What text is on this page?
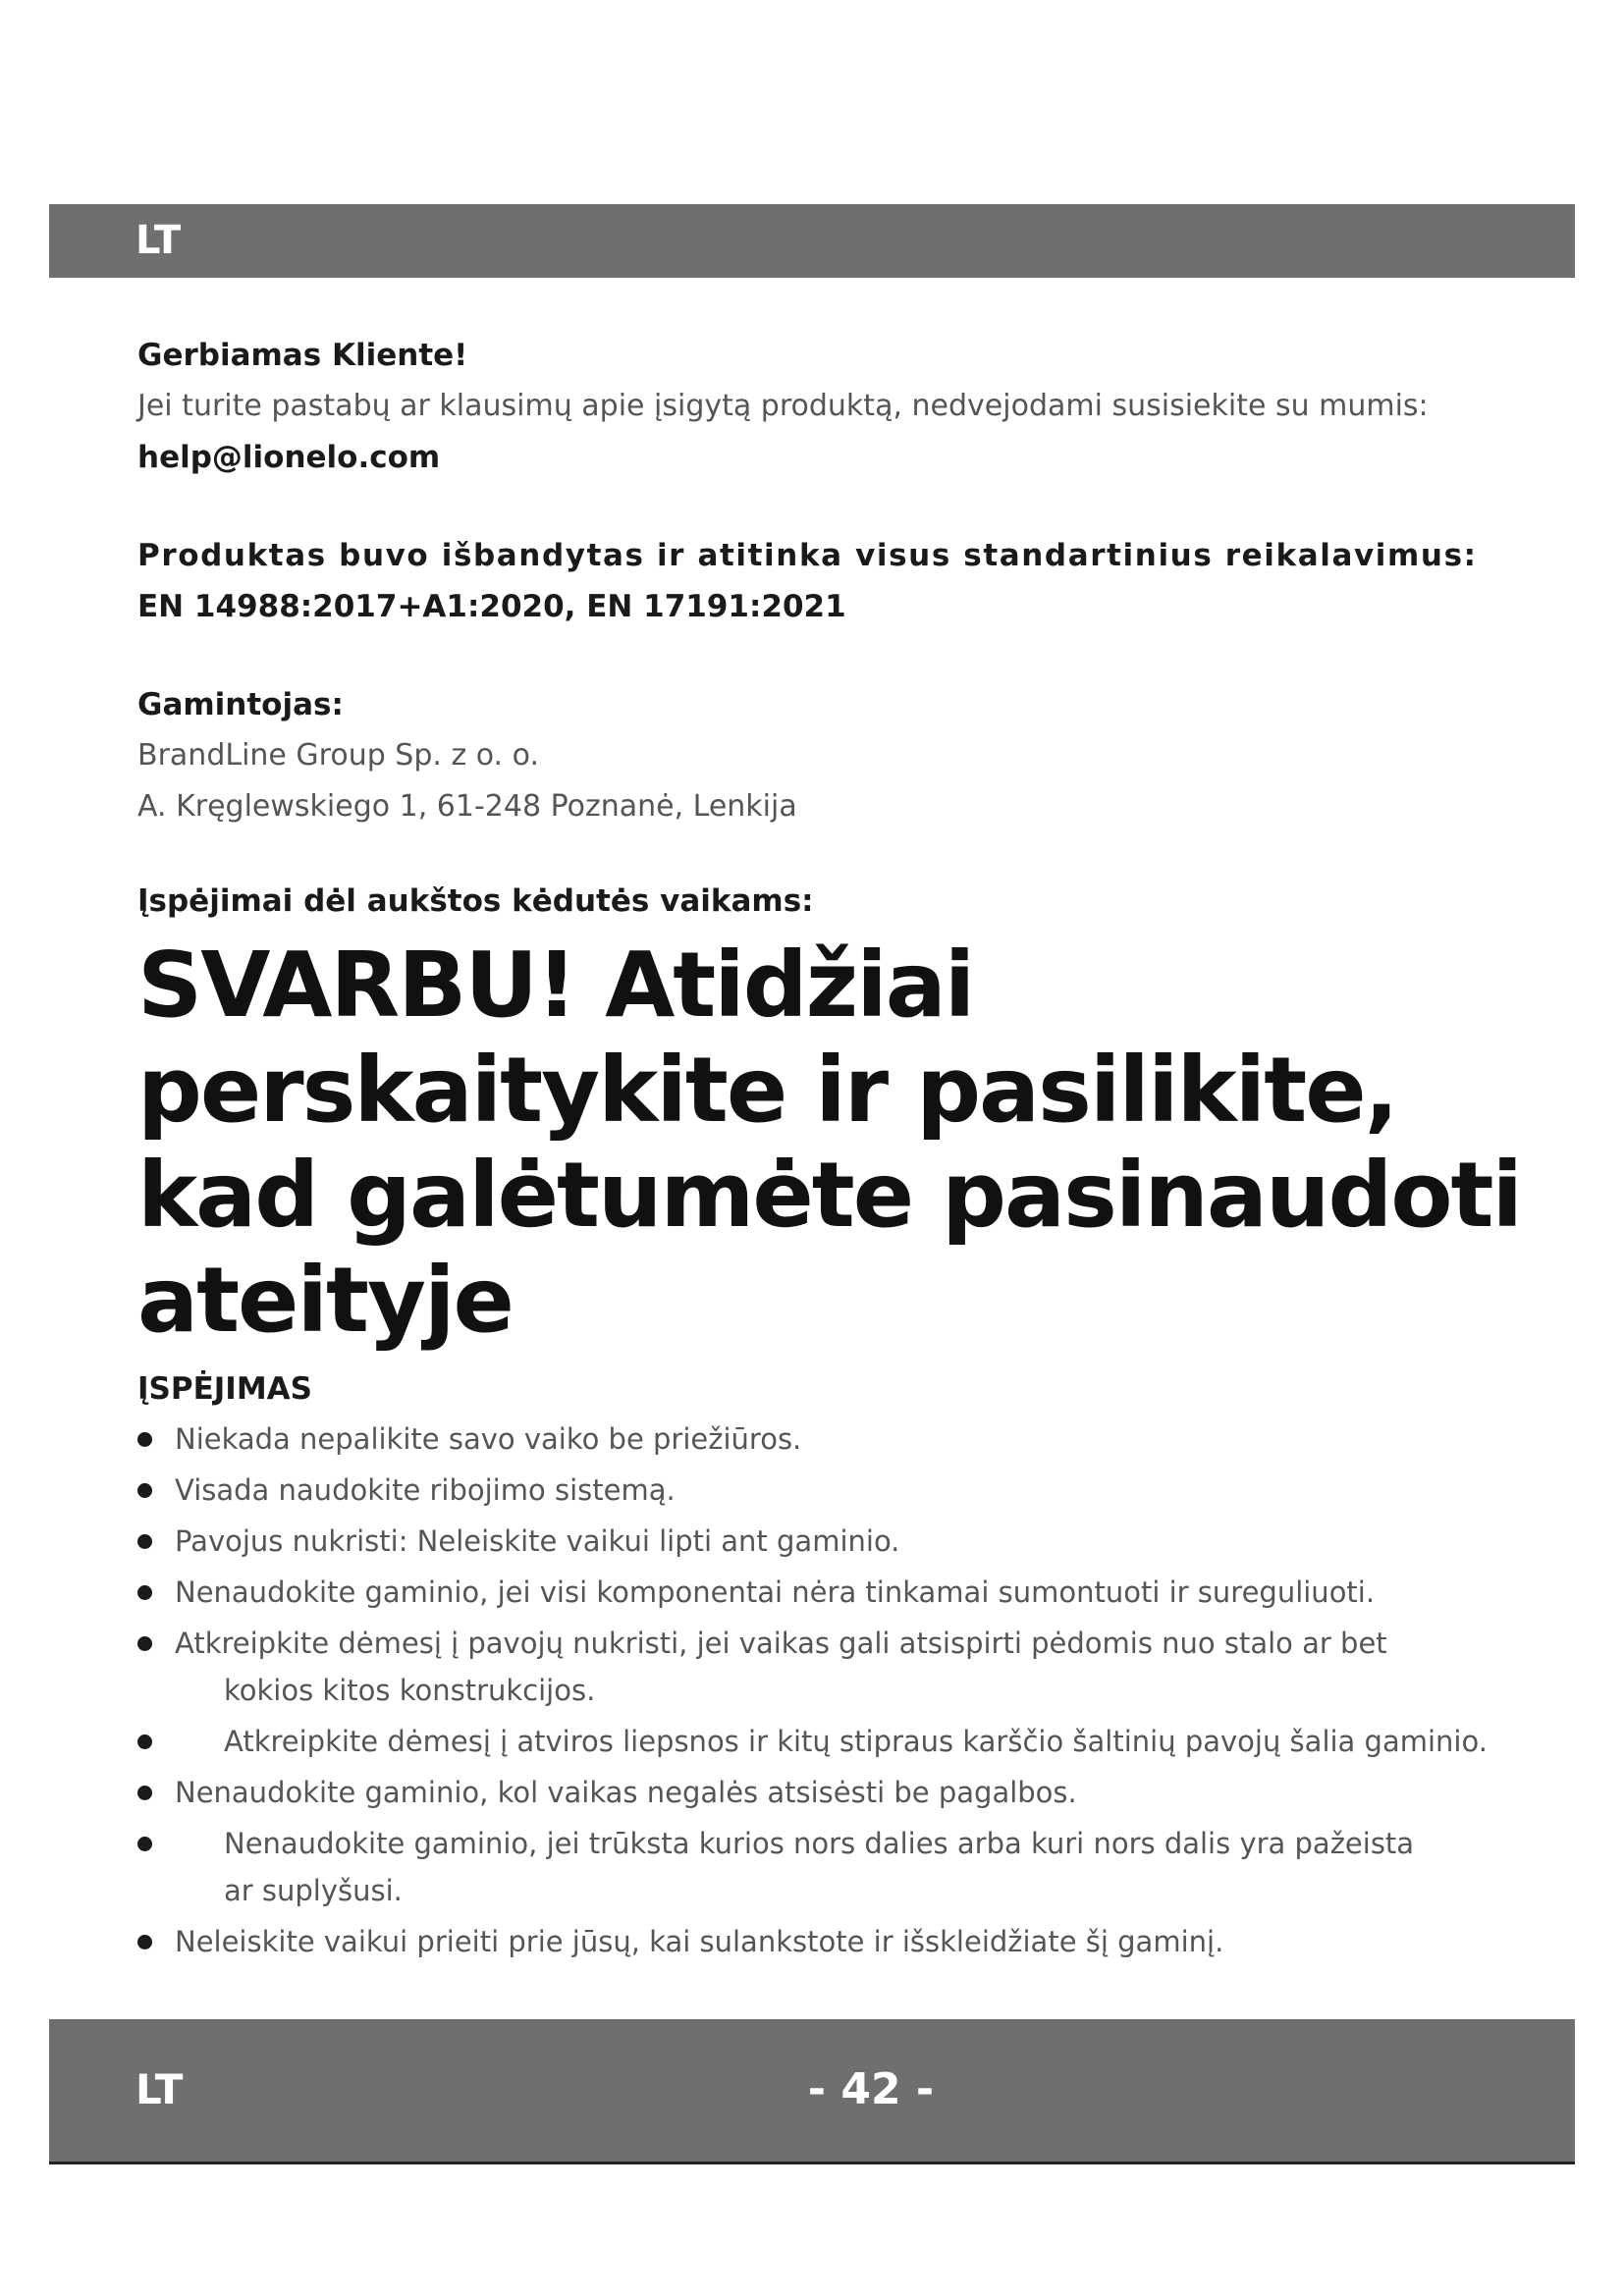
LT
Gerbiamas Kliente!
Jei turite pastabų ar klausimų apie įsigytą produktą, nedvejodami susisiekite su mumis:
help@lionelo.com
Produktas buvo išbandytas ir atitinka visus standartinius reikalavimus:
EN 14988:2017+A1:2020, EN 17191:2021
Gamintojas:
BrandLine Group Sp. z o. o.
A. Kręglewskiego 1, 61-248 Poznanė, Lenkija
Įspėjimai dėl aukštos kėdutės vaikams:
SVARBU! Atidžiai
perskaitykite ir pasilikite,
kad galėtumėte pasinaudoti
ateityje
ĮSPĖJIMAS
Niekada nepalikite savo vaiko be priežiūros.
Visada naudokite ribojimo sistemą.
Pavojus nukristi: Neleiskite vaikui lipti ant gaminio.
Nenaudokite gaminio, jei visi komponentai nėra tinkamai sumontuoti ir sureguliuoti.
Atkreipkite dėmesį į pavojų nukristi, jei vaikas gali atsispirti pėdomis nuo stalo ar bet
kokios kitos konstrukcijos.
Atkreipkite dėmesį į atviros liepsnos ir kitų stipraus karščio šaltinių pavojų šalia gaminio.
Nenaudokite gaminio, kol vaikas negalės atsisėsti be pagalbos.
Nenaudokite gaminio, jei trūksta kurios nors dalies arba kuri nors dalis yra pažeista
ar suplyšusi.
Neleiskite vaikui prieiti prie jūsų, kai sulankstote ir išskleidžiate šį gaminį.
LT	- 42 -
